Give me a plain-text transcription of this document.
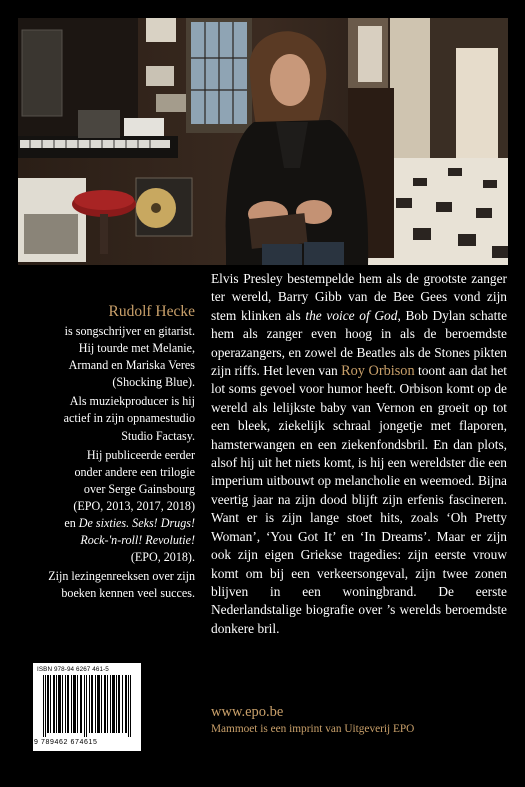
Rudolf Hecke

is songschrijver en gitarist.

Hij tourde met Melanie,

Armand en Mariska Veres

(Shocking Blue).

Als muziekproducer is hij

actief in zijn opnamestudio

Studio Factasy.

Hij publiceerde eerder

onder andere een trilogie

over Serge Gainsbourg

(EPO, 2013, 2017, 2018)

en De sixties. Seks! Drugs!

Rock-'n-roll! Revolutie!

(EPO, 2018).

Zijn lezingenreeksen over zijn

boeken kennen veel succes.

Elvis Presley bestempelde hem als de grootste zanger ter wereld, Barry Gibb van de Bee Gees vond zijn stem klinken als the voice of God, Bob Dylan schatte hem als zanger even hoog in als de beroemdste operazangers, en zowel de Beatles als de Stones pikten zijn riffs. Het leven van Roy Orbison toont aan dat het lot soms gevoel voor humor heeft. Orbison komt op de wereld als lelijkste baby van Vernon en groeit op tot een bleek, ziekelijk schraal jongetje met flaporen, hamsterwangen en een ziekenfondsbril. En dan plots, alsof hij uit het niets komt, is hij een wereldster die een imperium uitbouwt op melancholie en weemoed. Bijna veertig jaar na zijn dood blijft zijn erfenis fascineren. Want er is zijn lange stoet hits, zoals ‘Oh Pretty Woman’, ‘You Got It’ en ‘In Dreams’. Maar er zijn ook zijn eigen Griekse tragedies: zijn eerste vrouw komt om bij een verkeersongeval, zijn twee zonen blijven in een woningbrand. De eerste Nederlandstalige biografie over ’s werelds beroemdste donkere bril.
www.epo.be
Mammoet is een imprint van Uitgeverij EPO
ISBN 978-94 6267 461-5
9 789462 674615
